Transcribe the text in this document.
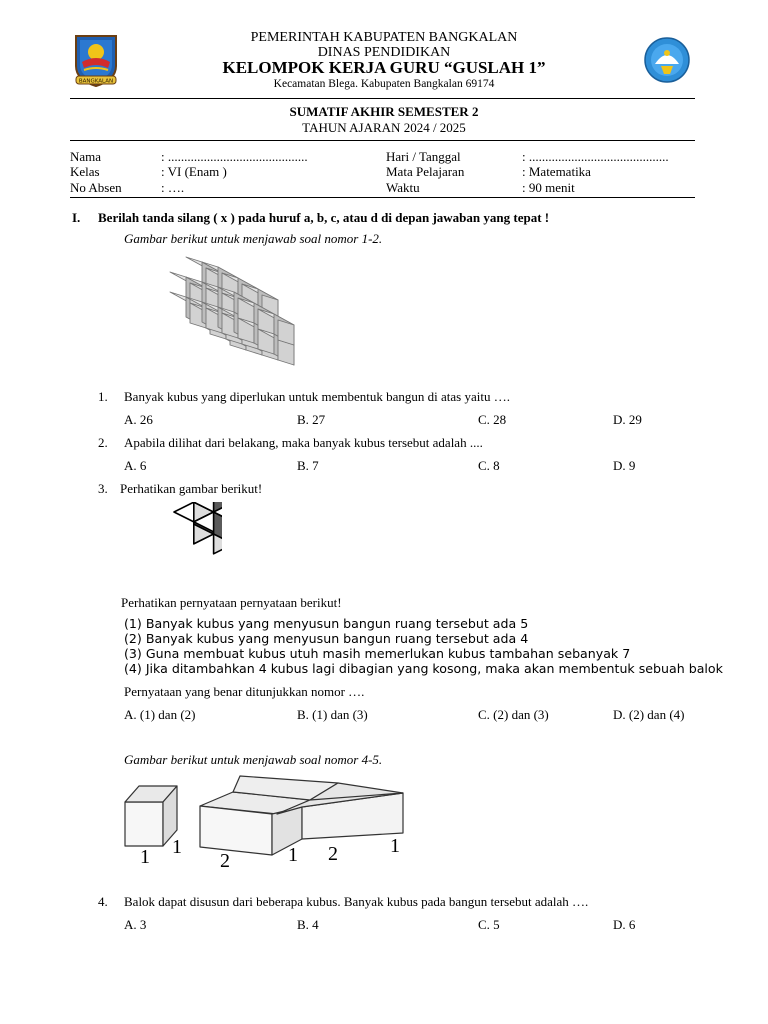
BANGKALAN
PEMERINTAH KABUPATEN BANGKALAN
DINAS PENDIDIKAN
KELOMPOK KERJA GURU “GUSLAH 1”
Kecamatan Blega. Kabupaten Bangkalan 69174
SUMATIF AKHIR SEMESTER 2
TAHUN AJARAN 2024 / 2025
Nama	: ...........................................
Kelas	: VI (Enam )
No Absen	: ….
Hari / Tanggal	: ...........................................
Mata Pelajaran	: Matematika
Waktu	: 90 menit
I. Berilah tanda silang ( x ) pada huruf a, b, c, atau d di depan jawaban yang tepat !
Gambar berikut untuk menjawab soal nomor 1-2.
1. Banyak kubus yang diperlukan untuk membentuk bangun di atas yaitu ….
A. 26	B. 27	C. 28	D. 29
2. Apabila dilihat dari belakang, maka banyak kubus tersebut adalah ....
A. 6	B. 7	C. 8	D. 9
3. Perhatikan gambar berikut!
Perhatikan pernyataan pernyataan berikut!
(1) Banyak kubus yang menyusun bangun ruang tersebut ada 5
(2) Banyak kubus yang menyusun bangun ruang tersebut ada 4
(3) Guna membuat kubus utuh masih memerlukan kubus tambahan sebanyak 7
(4) Jika ditambahkan 4 kubus lagi dibagian yang kosong, maka akan membentuk sebuah balok
Pernyataan yang benar ditunjukkan nomor ….
A. (1) dan (2)	B. (1) dan (3)	C. (2) dan (3)	D. (2) dan (4)
Gambar berikut untuk menjawab soal nomor 4-5.
1 1
2	1 2	1
4. Balok dapat disusun dari beberapa kubus. Banyak kubus pada bangun tersebut adalah ….
A. 3	B. 4	C. 5	D. 6
